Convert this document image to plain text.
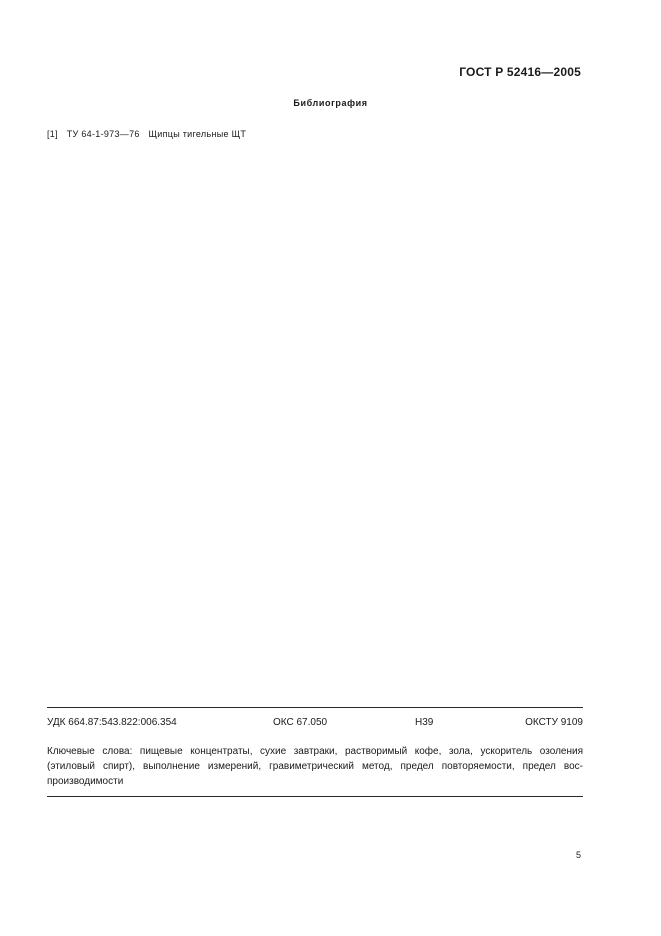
ГОСТ Р 52416—2005
Библиография
[1] ТУ 64-1-973—76 Щипцы тигельные ЩТ
УДК 664.87:543.822:006.354	ОКС 67.050	Н39	ОКСТУ 9109
Ключевые слова: пищевые концентраты, сухие завтраки, растворимый кофе, зола, ускоритель озоления (этиловый спирт), выполнение измерений, гравиметрический метод, предел повторяемости, предел воспроизводимости
5
